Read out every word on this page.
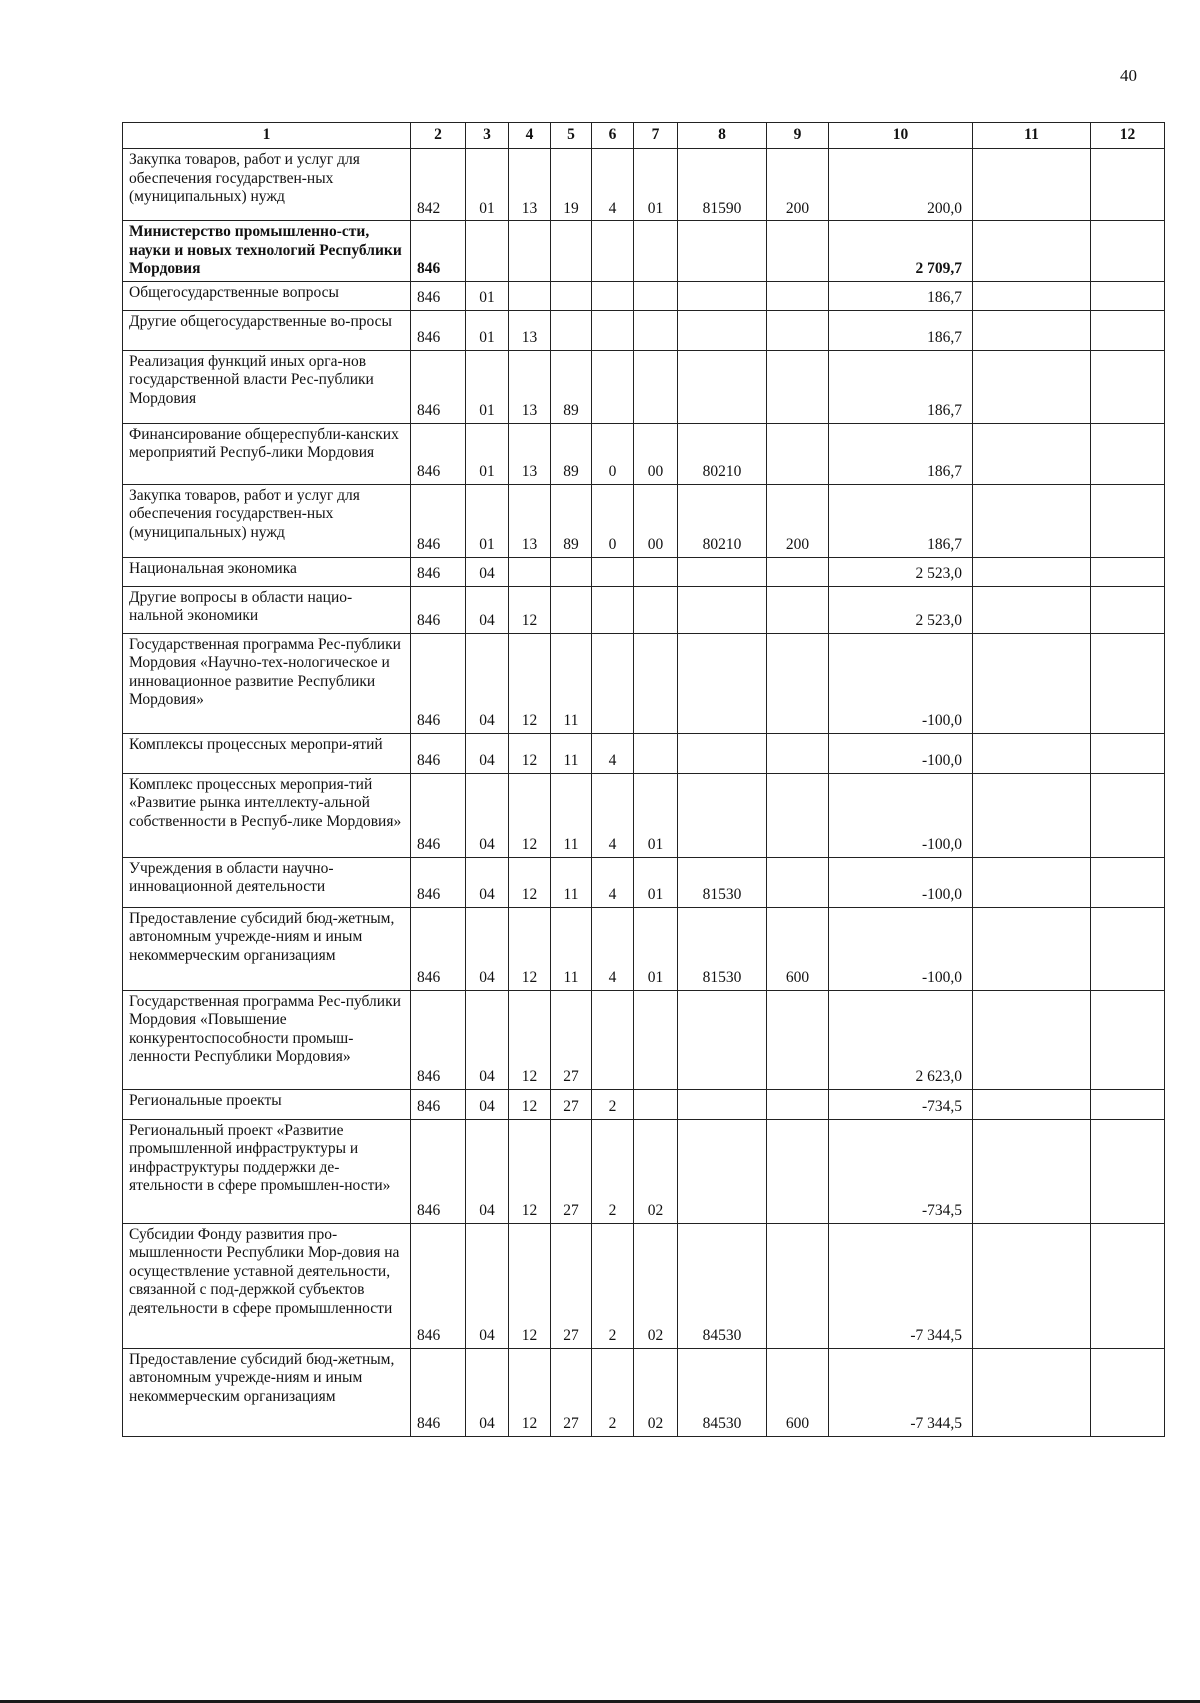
40
1	2	3	4	5	6	7	8	9	10	11	12
Закупка товаров, работ и услуг для обеспечения государствен-ных (муниципальных) нужд	842	01	13	19	4	01	81590	200	200,0		
Министерство промышленно-сти, науки и новых технологий Республики Мордовия	846								2 709,7		
Общегосударственные вопросы	846	01							186,7		
Другие общегосударственные во-просы	846	01	13						186,7		
Реализация функций иных орга-нов государственной власти Рес-публики Мордовия	846	01	13	89					186,7		
Финансирование общереспубли-канских мероприятий Респуб-лики Мордовия	846	01	13	89	0	00	80210		186,7		
Закупка товаров, работ и услуг для обеспечения государствен-ных (муниципальных) нужд	846	01	13	89	0	00	80210	200	186,7		
Национальная экономика	846	04							2 523,0		
Другие вопросы в области нацио-нальной экономики	846	04	12						2 523,0		
Государственная программа Рес-публики Мордовия «Научно-тех-нологическое и инновационное развитие Республики Мордовия»	846	04	12	11					-100,0		
Комплексы процессных меропри-ятий	846	04	12	11	4				-100,0		
Комплекс процессных мероприя-тий «Развитие рынка интеллекту-альной собственности в Респуб-лике Мордовия»	846	04	12	11	4	01			-100,0		
Учреждения в области научно-инновационной деятельности	846	04	12	11	4	01	81530		-100,0		
Предоставление субсидий бюд-жетным, автономным учрежде-ниям и иным некоммерческим организациям	846	04	12	11	4	01	81530	600	-100,0		
Государственная программа Рес-публики Мордовия «Повышение конкурентоспособности промыш-ленности Республики Мордовия»	846	04	12	27					2 623,0		
Региональные проекты	846	04	12	27	2				-734,5		
Региональный проект «Развитие промышленной инфраструктуры и инфраструктуры поддержки де-ятельности в сфере промышлен-ности»	846	04	12	27	2	02			-734,5		
Субсидии Фонду развития про-мышленности Республики Мор-довия на осуществление уставной деятельности, связанной с под-держкой субъектов деятельности в сфере промышленности	846	04	12	27	2	02	84530		-7 344,5		
Предоставление субсидий бюд-жетным, автономным учрежде-ниям и иным некоммерческим организациям	846	04	12	27	2	02	84530	600	-7 344,5		
